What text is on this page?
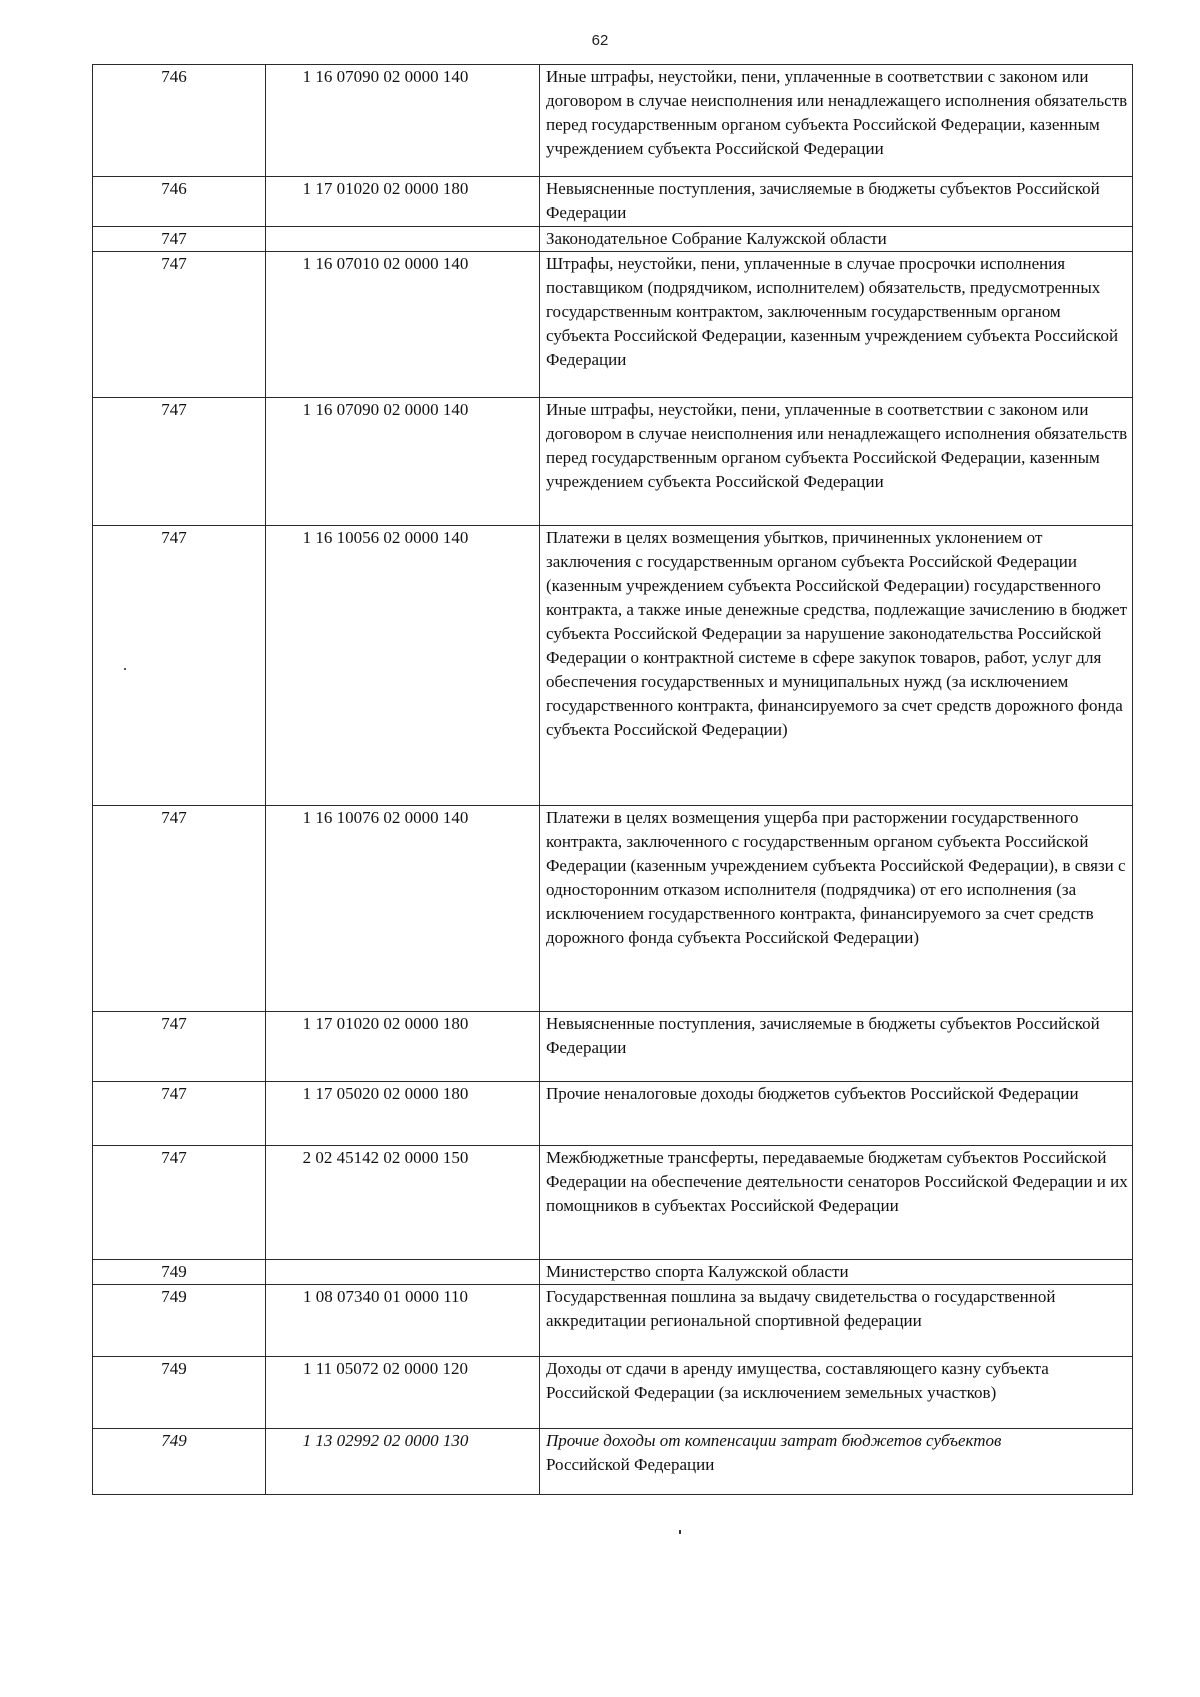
62
746	1 16 07090 02 0000 140	Иные штрафы, неустойки, пени, уплаченные в соответствии с законом или договором в случае неисполнения или ненадлежащего исполнения обязательств перед государственным органом субъекта Российской Федерации, казенным учреждением субъекта Российской Федерации
746	1 17 01020 02 0000 180	Невыясненные поступления, зачисляемые в бюджеты субъектов Российской Федерации
747		Законодательное Собрание Калужской области
747	1 16 07010 02 0000 140	Штрафы, неустойки, пени, уплаченные в случае просрочки исполнения поставщиком (подрядчиком, исполнителем) обязательств, предусмотренных государственным контрактом, заключенным государственным органом субъекта Российской Федерации, казенным учреждением субъекта Российской Федерации
747	1 16 07090 02 0000 140	Иные штрафы, неустойки, пени, уплаченные в соответствии с законом или договором в случае неисполнения или ненадлежащего исполнения обязательств перед государственным органом субъекта Российской Федерации, казенным учреждением субъекта Российской Федерации
747	1 16 10056 02 0000 140	Платежи в целях возмещения убытков, причиненных уклонением от заключения с государственным органом субъекта Российской Федерации (казенным учреждением субъекта Российской Федерации) государственного контракта, а также иные денежные средства, подлежащие зачислению в бюджет субъекта Российской Федерации за нарушение законодательства Российской Федерации о контрактной системе в сфере закупок товаров, работ, услуг для обеспечения государственных и муниципальных нужд (за исключением государственного контракта, финансируемого за счет средств дорожного фонда субъекта Российской Федерации)
747	1 16 10076 02 0000 140	Платежи в целях возмещения ущерба при расторжении государственного контракта, заключенного с государственным органом субъекта Российской Федерации (казенным учреждением субъекта Российской Федерации), в связи с односторонним отказом исполнителя (подрядчика) от его исполнения (за исключением государственного контракта, финансируемого за счет средств дорожного фонда субъекта Российской Федерации)
747	1 17 01020 02 0000 180	Невыясненные поступления, зачисляемые в бюджеты субъектов Российской Федерации
747	1 17 05020 02 0000 180	Прочие неналоговые доходы бюджетов субъектов Российской Федерации
747	2 02 45142 02 0000 150	Межбюджетные трансферты, передаваемые бюджетам субъектов Российской Федерации на обеспечение деятельности сенаторов Российской Федерации и их помощников в субъектах Российской Федерации
749		Министерство спорта Калужской области
749	1 08 07340 01 0000 110	Государственная пошлина за выдачу свидетельства о государственной аккредитации региональной спортивной федерации
749	1 11 05072 02 0000 120	Доходы от сдачи в аренду имущества, составляющего казну субъекта Российской Федерации (за исключением земельных участков)
749	1 13 02992 02 0000 130	Прочие доходы от компенсации затрат бюджетов субъектов
Российской Федерации
